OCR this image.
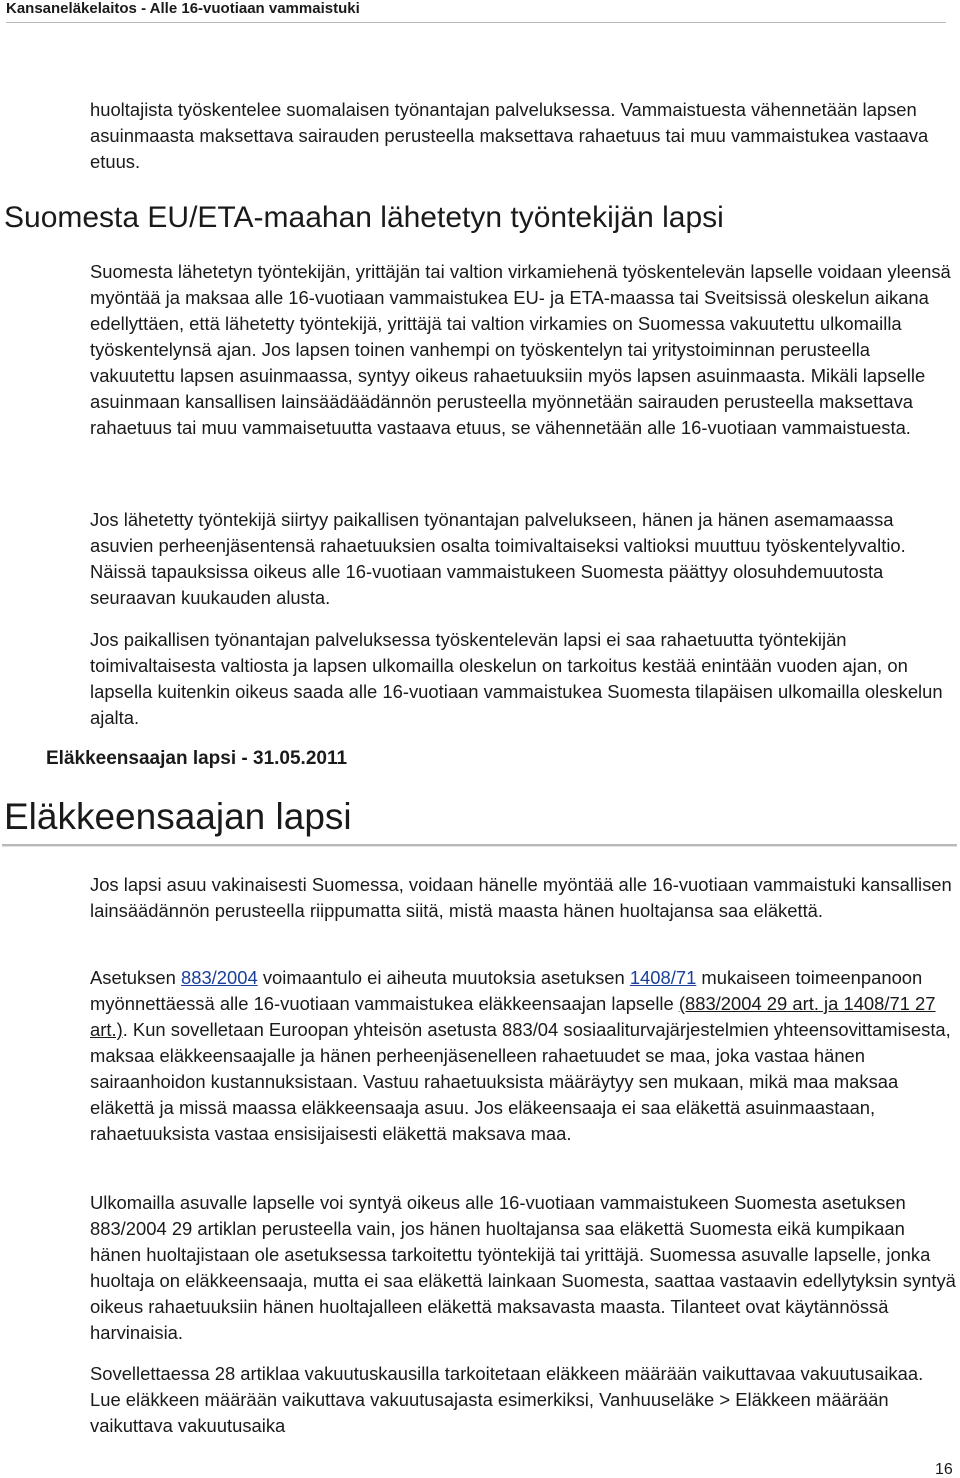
Kansaneläkelaitos - Alle 16-vuotiaan vammaistuki

huoltajista työskentelee suomalaisen työnantajan palveluksessa. Vammaistuesta vähennetään lapsen asuinmaasta maksettava sairauden perusteella maksettava rahaetuus tai muu vammaistukea vastaava etuus.

Suomesta EU/ETA-maahan lähetetyn työntekijän lapsi

Suomesta lähetetyn työntekijän, yrittäjän tai valtion virkamiehenä työskentelevän lapselle voidaan yleensä myöntää ja maksaa alle 16-vuotiaan vammaistukea EU- ja ETA-maassa tai Sveitsissä oleskelun aikana edellyttäen, että lähetetty työntekijä, yrittäjä tai valtion virkamies on Suomessa vakuutettu ulkomailla työskentelynsä ajan. Jos lapsen toinen vanhempi on työskentelyn tai yritystoiminnan perusteella vakuutettu lapsen asuinmaassa, syntyy oikeus rahaetuuksiin myös lapsen asuinmaasta. Mikäli lapselle asuinmaan kansallisen lainsäädäädännön perusteella myönnetään sairauden perusteella maksettava rahaetuus tai muu vammaisetuutta vastaava etuus, se vähennetään alle 16-vuotiaan vammaistuesta.

Jos lähetetty työntekijä siirtyy paikallisen työnantajan palvelukseen, hänen ja hänen asemamaassa asuvien perheenjäsentensä rahaetuuksien osalta toimivaltaiseksi valtioksi muuttuu työskentelyvaltio. Näissä tapauksissa oikeus alle 16-vuotiaan vammaistukeen Suomesta päättyy olosuhdemuutosta seuraavan kuukauden alusta.

Jos paikallisen työnantajan palveluksessa työskentelevän lapsi ei saa rahaetuutta työntekijän toimivaltaisesta valtiosta ja lapsen ulkomailla oleskelun on tarkoitus kestää enintään vuoden ajan, on lapsella kuitenkin oikeus saada alle 16-vuotiaan vammaistukea Suomesta tilapäisen ulkomailla oleskelun ajalta.

Eläkkeensaajan lapsi - 31.05.2011
Eläkkeensaajan lapsi

Jos lapsi asuu vakinaisesti Suomessa, voidaan hänelle myöntää alle 16-vuotiaan vammaistuki kansallisen lainsäädännön perusteella riippumatta siitä, mistä maasta hänen huoltajansa saa eläkettä.

Asetuksen 883/2004 voimaantulo ei aiheuta muutoksia asetuksen 1408/71 mukaiseen toimeenpanoon myönnettäessä alle 16-vuotiaan vammaistukea eläkkeensaajan lapselle (883/2004 29 art. ja 1408/71 27 art.). Kun sovelletaan Euroopan yhteisön asetusta 883/04 sosiaaliturvajärjestelmien yhteensovittamisesta, maksaa eläkkeensaajalle ja hänen perheenjäsenelleen rahaetuudet se maa, joka vastaa hänen sairaanhoidon kustannuksistaan. Vastuu rahaetuuksista määräytyy sen mukaan, mikä maa maksaa eläkettä ja missä maassa eläkkeensaaja asuu. Jos eläkeensaaja ei saa eläkettä asuinmaastaan, rahaetuuksista vastaa ensisijaisesti eläkettä maksava maa.

Ulkomailla asuvalle lapselle voi syntyä oikeus alle 16-vuotiaan vammaistukeen Suomesta asetuksen 883/2004 29 artiklan perusteella vain, jos hänen huoltajansa saa eläkettä Suomesta eikä kumpikaan hänen huoltajistaan ole asetuksessa tarkoitettu työntekijä tai yrittäjä. Suomessa asuvalle lapselle, jonka huoltaja on eläkkeensaaja, mutta ei saa eläkettä lainkaan Suomesta, saattaa vastaavin edellytyksin syntyä oikeus rahaetuuksiin hänen huoltajalleen eläkettä maksavasta maasta. Tilanteet ovat käytännössä harvinaisia.

Sovellettaessa 28 artiklaa vakuutuskausilla tarkoitetaan eläkkeen määrään vaikuttavaa vakuutusaikaa. Lue eläkkeen määrään vaikuttava vakuutusajasta esimerkiksi, Vanhuuseläke > Eläkkeen määrään vaikuttava vakuutusaika

16
